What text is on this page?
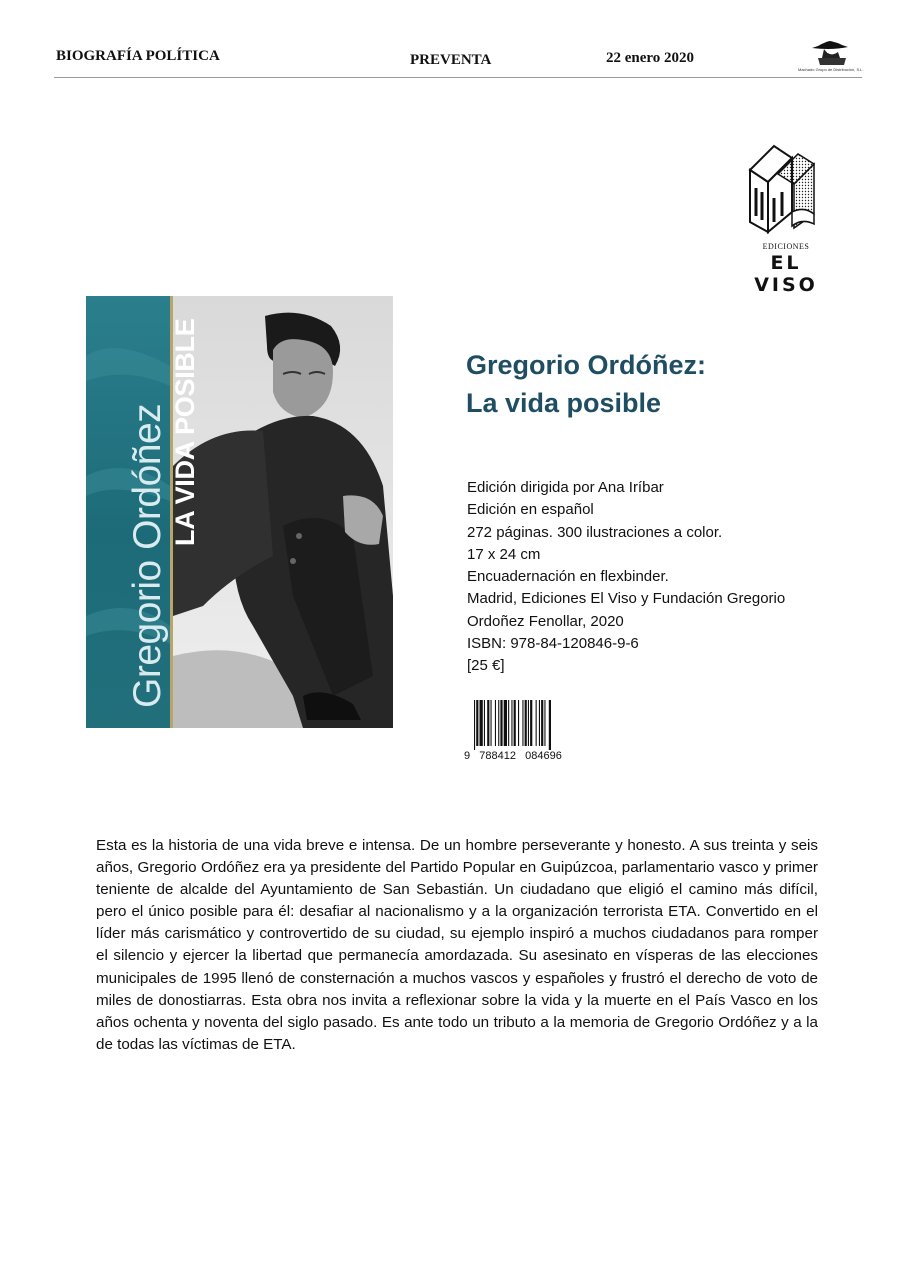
BIOGRAFÍA POLÍTICA	PREVENTA	22 enero 2020
Machado Grupo de Distribución, S.L.
EDICIONES
EL VISO
Gregorio Ordóñez LA VIDA POSIBLE	Gregorio Ordóñez:
La vida posible
Edición dirigida por Ana Iríbar
Edición en español
272 páginas. 300 ilustraciones a color.
17 x 24 cm
Encuadernación en flexbinder.
Madrid, Ediciones El Viso y Fundación Gregorio
Ordoñez Fenollar, 2020
ISBN: 978-84-120846-9-6
[25 €]
9   788412   084696
Esta es la historia de una vida breve e intensa. De un hombre perseverante y honesto. A sus treinta y seis años, Gregorio Ordóñez era ya presidente del Partido Popular en Guipúzcoa, parlamentario vasco y primer teniente de alcalde del Ayuntamiento de San Sebastián. Un ciudadano que eligió el camino más difícil, pero el único posible para él: desafiar al nacionalismo y a la organización terrorista ETA. Convertido en el líder más carismático y controvertido de su ciudad, su ejemplo inspiró a muchos ciudadanos para romper el silencio y ejercer la libertad que permanecía amordazada. Su asesinato en vísperas de las elecciones municipales de 1995 llenó de consternación a muchos vascos y españoles y frustró el derecho de voto de miles de donostiarras. Esta obra nos invita a reflexionar sobre la vida y la muerte en el País Vasco en los años ochenta y noventa del siglo pasado. Es ante todo un tributo a la memoria de Gregorio Ordóñez y a la de todas las víctimas de ETA.
